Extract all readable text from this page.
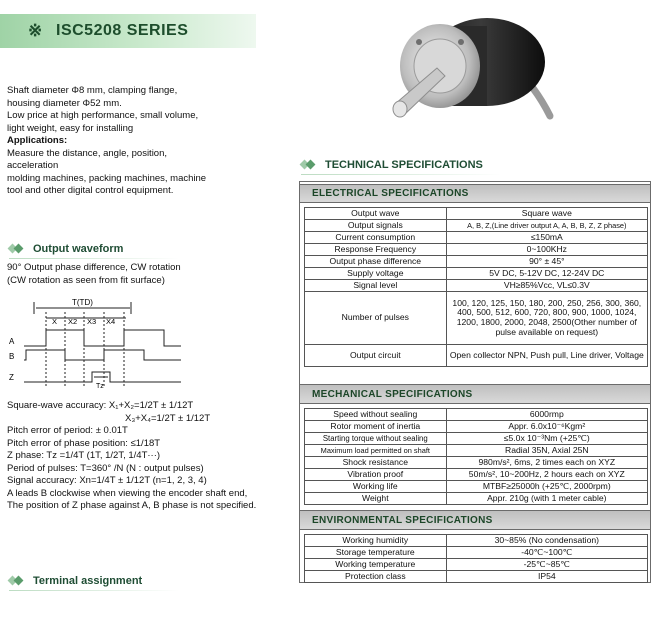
※ ISC5208 SERIES
Shaft diameter Φ8 mm, clamping flange,
housing diameter Φ52 mm.
Low price at high performance, small volume,
light weight, easy for installing
Applications:
Measure the distance, angle, position,
acceleration
molding machines, packing machines, machine
tool and other digital control equipment.
Output waveform
90° Output phase difference, CW rotation
(CW rotation as seen from fit surface)
T(TD)
X X2 X3 X4
A
B
Z
Tz
Square-wave accuracy: X₁+X₂=1/2T ± 1/12T
X₃+X₄=1/2T ± 1/12T
Pitch error of period: ± 0.01T
Pitch error of phase position: ≤1/18T
Z phase: Tz =1/4T (1T, 1/2T, 1/4T···)
Period of pulses: T=360° /N (N : output pulses)
Signal accuracy: Xn=1/4T ± 1/12T (n=1, 2, 3, 4)
A leads B clockwise when viewing the encoder shaft end,
The position of Z phase against A, B phase is not specified.
Terminal assignment
TECHNICAL SPECIFICATIONS
ELECTRICAL SPECIFICATIONS
Output wave	Square wave
Output signals	A, B, Z,(Line driver output A, A, B, B, Z, Z phase)
Current consumption	≤150mA
Response Frequency	0~100KHz
Output phase difference	90° ± 45°
Supply voltage	5V DC, 5-12V DC, 12-24V DC
Signal level	VH≥85%Vcc, VL≤0.3V
Number of pulses	100, 120, 125, 150, 180, 200, 250, 256, 300, 360, 400, 500, 512, 600, 720, 800, 900, 1000, 1024, 1200, 1800, 2000, 2048, 2500(Other number of pulse available on request)
Output circuit	Open collector NPN, Push pull, Line driver, Voltage
MECHANICAL SPECIFICATIONS
Speed without sealing	6000rmp
Rotor moment of inertia	Appr. 6.0x10⁻⁶Kgm²
Starting torque without sealing	≤5.0x 10⁻³Nm (+25℃)
Maximum load permitted on shaft	Radial 35N, Axial 25N
Shock resistance	980m/s², 6ms, 2 times each on XYZ
Vibration proof	50m/s², 10~200Hz, 2 hours each on XYZ
Working life	MTBF≥25000h (+25℃, 2000rpm)
Weight	Appr. 210g (with 1 meter cable)
ENVIRONMENTAL SPECIFICATIONS
Working humidity	30~85% (No condensation)
Storage temperature	-40℃~100℃
Working temperature	-25℃~85℃
Protection class	IP54
